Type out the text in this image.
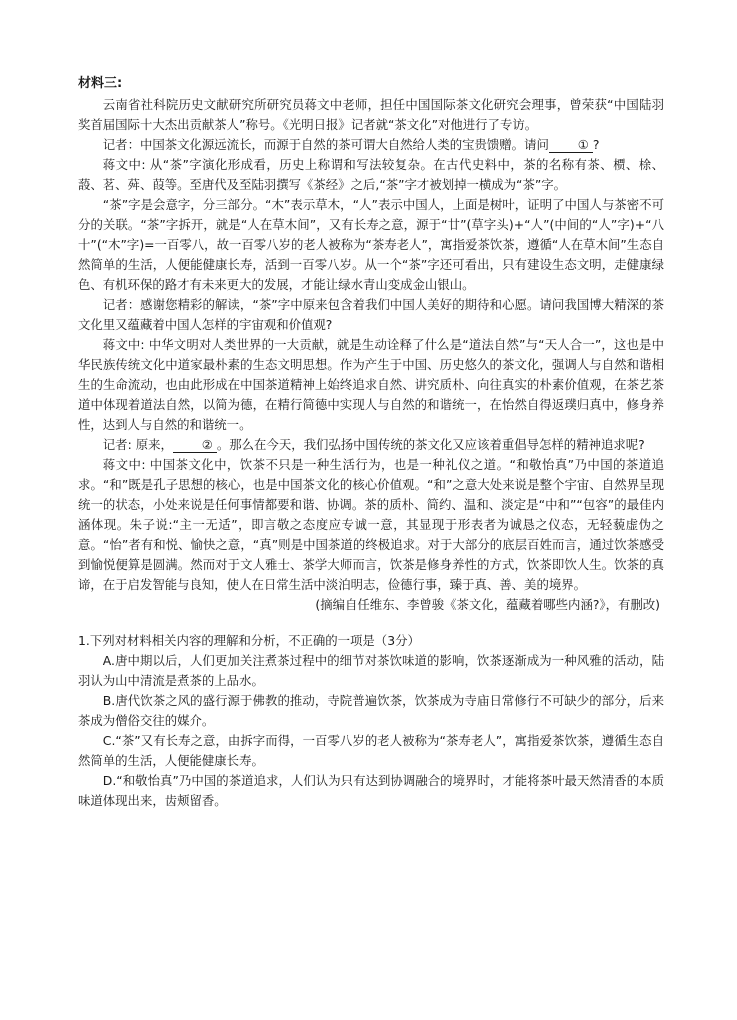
材料三:

云南省社科院历史文献研究所研究员蒋文中老师，担任中国国际茶文化研究会理事，曾荣获“中国陆羽奖首届国际十大杰出贡献茶人”称号。《光明日报》记者就“茶文化”对他进行了专访。

记者：中国茶文化源远流长，而源于自然的茶可谓大自然给人类的宝贵馈赠。请问 ① ?

蒋文中: 从“茶”字演化形成看，历史上称谓和写法较复杂。在古代史料中，茶的名称有茶、槚、梌、蔎、茗、荈、葭等。至唐代及至陆羽撰写《茶经》之后,“茶”字才被划掉一横成为“茶”字。

“茶”字是会意字，分三部分。“木”表示草木，“人”表示中国人，上面是树叶，证明了中国人与茶密不可分的关联。“茶”字拆开，就是“人在草木间”，又有长寿之意，源于“廿”(草字头)+“人”(中间的“人”字)+“八十”(“木”字)=一百零八，故一百零八岁的老人被称为“茶寿老人”，寓指爱茶饮茶，遵循“人在草木间”生态自然简单的生活，人便能健康长寿，活到一百零八岁。从一个“茶”字还可看出，只有建设生态文明，走健康绿色、有机环保的路才有未来更大的发展，才能让绿水青山变成金山银山。

记者：感谢您精彩的解读，“茶”字中原来包含着我们中国人美好的期待和心愿。请问我国博大精深的茶文化里又蕴藏着中国人怎样的宇宙观和价值观?

蒋文中: 中华文明对人类世界的一大贡献，就是生动诠释了什么是“道法自然”与“天人合一”，这也是中华民族传统文化中道家最朴素的生态文明思想。作为产生于中国、历史悠久的茶文化，强调人与自然和谐相生的生命流动，也由此形成在中国茶道精神上始终追求自然、讲究质朴、向往真实的朴素价值观，在茶艺茶道中体现着道法自然，以简为德，在精行简德中实现人与自然的和谐统一，在怡然自得返璞归真中，修身养性，达到人与自然的和谐统一。

记者: 原来， ② 。那么在今天，我们弘扬中国传统的茶文化又应该着重倡导怎样的精神追求呢?

蒋文中: 中国茶文化中，饮茶不只是一种生活行为，也是一种礼仪之道。“和敬怡真”乃中国的茶道追求。“和”既是孔子思想的核心，也是中国茶文化的核心价值观。“和”之意大处来说是整个宇宙、自然界呈现统一的状态，小处来说是任何事情都要和谐、协调。茶的质朴、简约、温和、淡定是“中和”“包容”的最佳内涵体现。朱子说:“主一无适”，即言敬之态度应专诚一意，其显现于形表者为诚恳之仪态，无轻藐虚伪之意。“怡”者有和悦、愉快之意，“真”则是中国茶道的终极追求。对于大部分的底层百姓而言，通过饮茶感受到愉悦便算是圆满。然而对于文人雅士、茶学大师而言，饮茶是修身养性的方式，饮茶即饮人生。饮茶的真谛，在于启发智能与良知，使人在日常生活中淡泊明志，俭德行事，臻于真、善、美的境界。

(摘编自任维东、李曾骏《茶文化，蕴藏着哪些内涵?》，有删改)

1.下列对材料相关内容的理解和分析，不正确的一项是（3分）

A.唐中期以后，人们更加关注煮茶过程中的细节对茶饮味道的影响，饮茶逐渐成为一种风雅的活动，陆羽认为山中清流是煮茶的上品水。

B.唐代饮茶之风的盛行源于佛教的推动，寺院普遍饮茶，饮茶成为寺庙日常修行不可缺少的部分，后来茶成为僧俗交往的媒介。

C.“茶”又有长寿之意，由拆字而得，一百零八岁的老人被称为“茶寿老人”，寓指爱茶饮茶，遵循生态自然简单的生活，人便能健康长寿。

D.“和敬怡真”乃中国的茶道追求，人们认为只有达到协调融合的境界时，才能将茶叶最天然清香的本质味道体现出来，齿颊留香。
